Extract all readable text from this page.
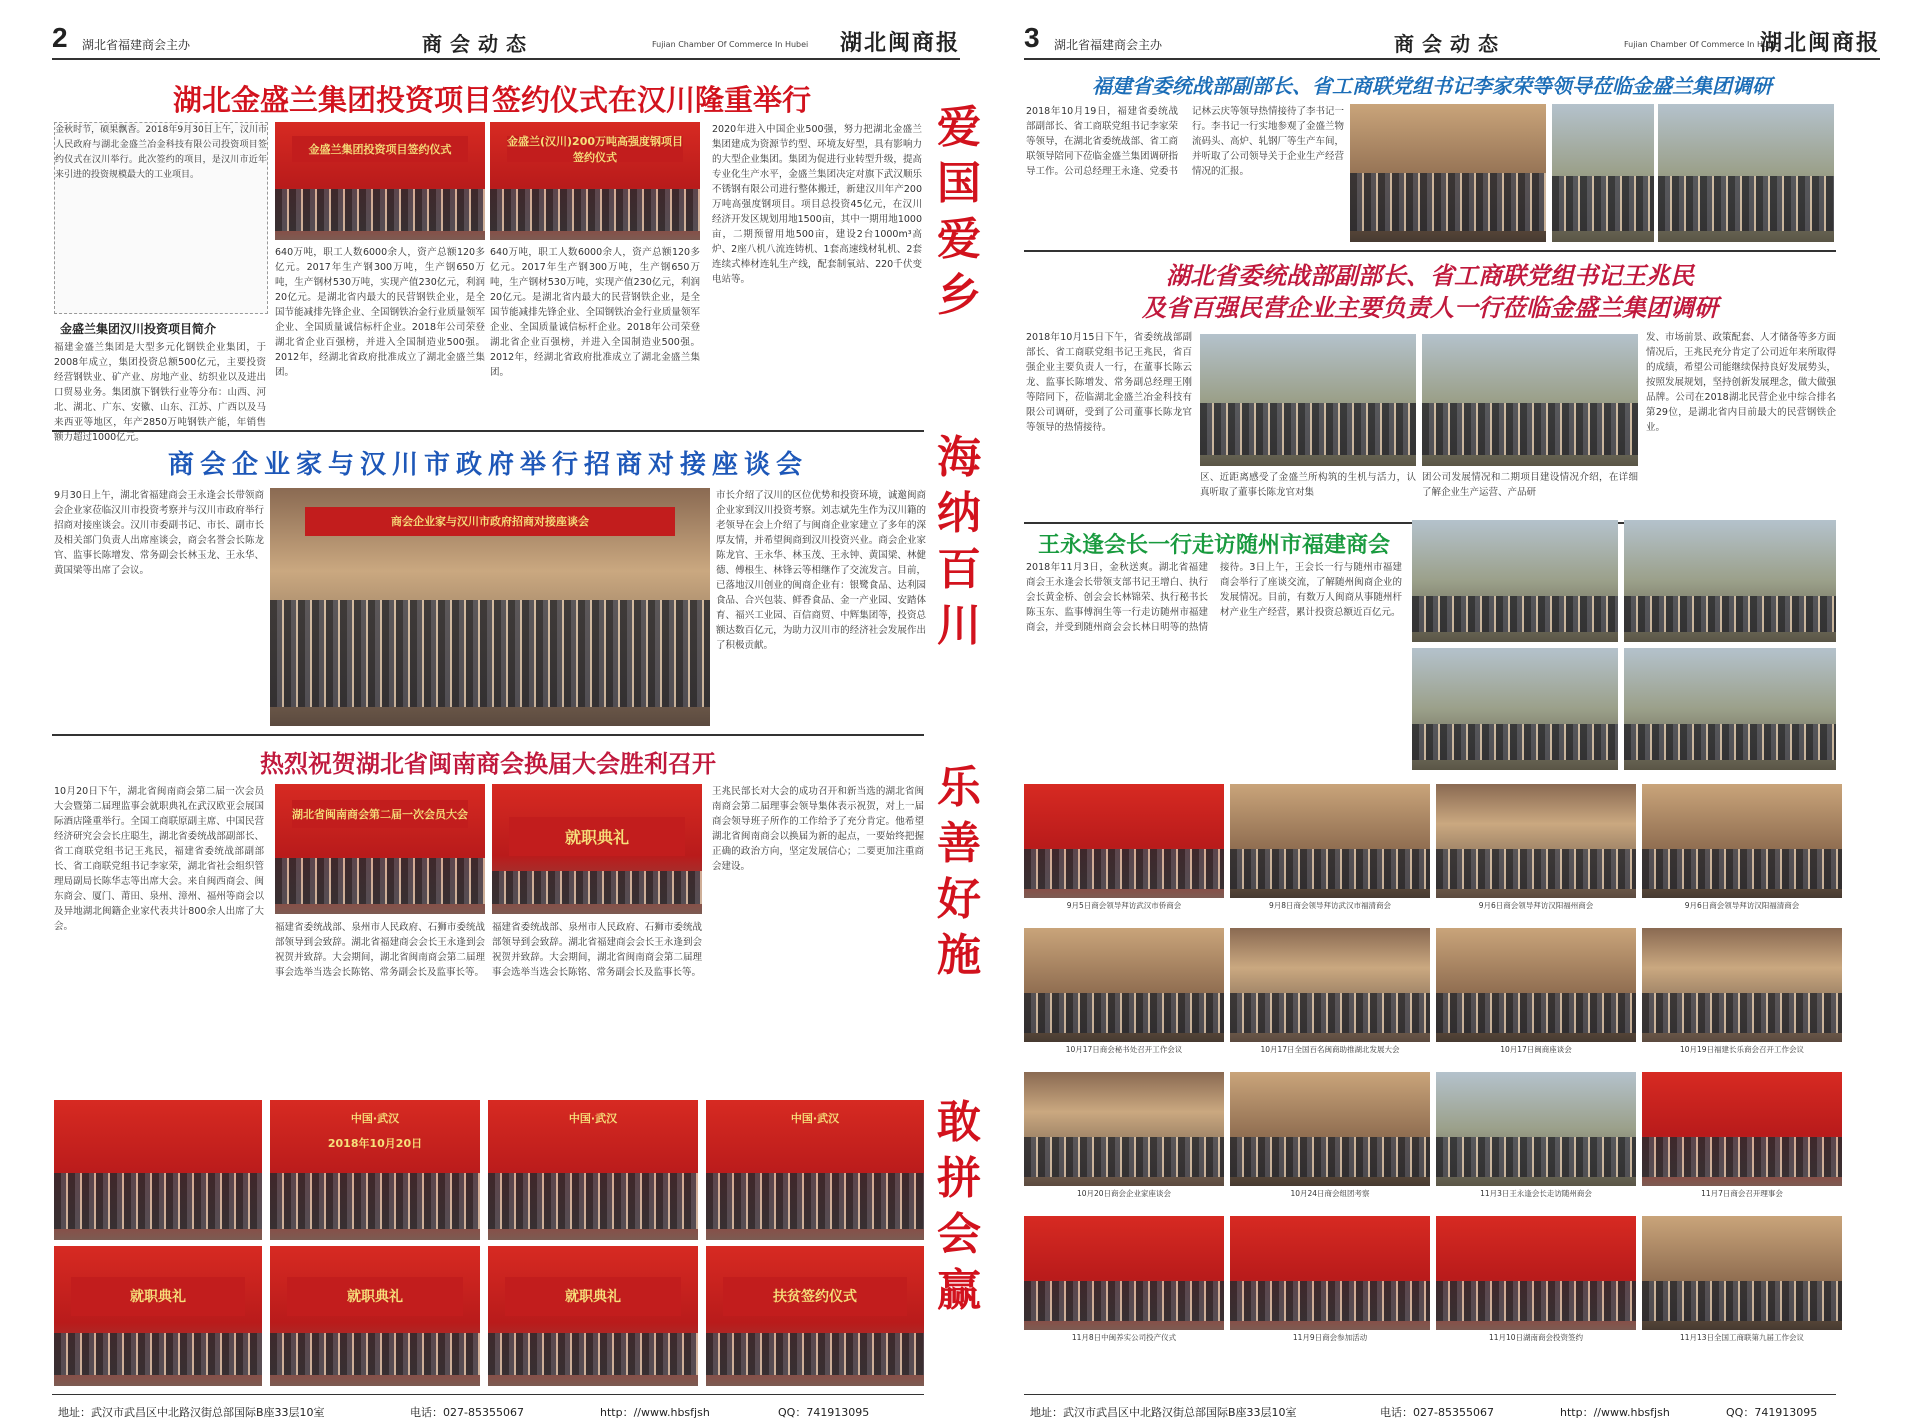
2 湖北省福建商会主办	商会动态	Fujian Chamber Of Commerce In Hubei 湖北闽商报
湖北金盛兰集团投资项目签约仪式在汉川隆重举行
金秋时节，硕果飘香。2018年9月30日上午，汉川市人民政府与湖北金盛兰冶金科技有限公司投资项目签约仪式在汉川举行。此次签约的项目，是汉川市近年来引进的投资规模最大的工业项目。
金盛兰集团汉川投资项目简介
福建金盛兰集团是大型多元化钢铁企业集团，于2008年成立，集团投资总额500亿元，主要投资经营钢铁业、矿产业、房地产业、纺织业以及进出口贸易业务。集团旗下钢铁行业等分布：山西、河北、湖北、广东、安徽、山东、江苏、广西以及马来西亚等地区，年产2850万吨钢铁产能，年销售额力超过1000亿元。
金盛兰集团投资项目签约仪式
金盛兰(汉川)200万吨高强度钢项目签约仪式
640万吨，职工人数6000余人，资产总额120多亿元。2017年生产钢300万吨，生产钢650万吨，生产钢材530万吨，实现产值230亿元，利润20亿元。是湖北省内最大的民营钢铁企业，是全国节能减排先锋企业、全国钢铁冶金行业质量领军企业、全国质量诚信标杆企业。2018年公司荣登湖北省企业百强榜，并进入全国制造业500强。2012年，经湖北省政府批准成立了湖北金盛兰集团。
640万吨，职工人数6000余人，资产总额120多亿元。2017年生产钢300万吨，生产钢650万吨，生产钢材530万吨，实现产值230亿元，利润20亿元。是湖北省内最大的民营钢铁企业，是全国节能减排先锋企业、全国钢铁冶金行业质量领军企业、全国质量诚信标杆企业。2018年公司荣登湖北省企业百强榜，并进入全国制造业500强。2012年，经湖北省政府批准成立了湖北金盛兰集团。
2020年进入中国企业500强，努力把湖北金盛兰集团建成为资源节约型、环境友好型，具有影响力的大型企业集团。集团为促进行业转型升级，提高专业化生产水平，金盛兰集团决定对旗下武汉顺乐不锈钢有限公司进行整体搬迁，新建汉川年产200万吨高强度钢项目。项目总投资45亿元，在汉川经济开发区规划用地1500亩，其中一期用地1000亩，二期预留用地500亩，建设2台1000m³高炉、2座八机八流连铸机、1套高速线材轧机、2套连续式棒材连轧生产线，配套制氧站、220千伏变电站等。
商会企业家与汉川市政府举行招商对接座谈会
9月30日上午，湖北省福建商会王永逢会长带领商会企业家莅临汉川市投资考察并与汉川市政府举行招商对接座谈会。汉川市委副书记、市长、副市长及相关部门负责人出席座谈会，商会名誉会长陈龙官、监事长陈增发、常务副会长林玉龙、王永华、黄国梁等出席了会议。
商会企业家与汉川市政府招商对接座谈会
市长介绍了汉川的区位优势和投资环境，诚邀闽商企业家到汉川投资考察。刘志斌先生作为汉川籍的老领导在会上介绍了与闽商企业家建立了多年的深厚友情，并希望闽商到汉川投资兴业。商会企业家陈龙官、王永华、林玉茂、王永钟、黄国梁、林健德、傅根生、林锋云等相继作了交流发言。目前，已落地汉川创业的闽商企业有：银鹭食品、达利园食品、合兴包装、鲜香食品、金一产业园、安踏体育、福兴工业园、百信商贸、中辉集团等，投资总额达数百亿元，为助力汉川市的经济社会发展作出了积极贡献。
热烈祝贺湖北省闽南商会换届大会胜利召开
10月20日下午，湖北省闽南商会第二届一次会员大会暨第二届理监事会就职典礼在武汉欧亚会展国际酒店隆重举行。全国工商联原副主席、中国民营经济研究会会长庄聪生，湖北省委统战部副部长、省工商联党组书记王兆民，福建省委统战部副部长、省工商联党组书记李家荣，湖北省社会组织管理局副局长陈华志等出席大会。来自闽西商会、闽东商会、厦门、莆田、泉州、漳州、福州等商会以及异地湖北闽籍企业家代表共计800余人出席了大会。
湖北省闽南商会第二届一次会员大会
就职典礼
福建省委统战部、泉州市人民政府、石狮市委统战部领导到会致辞。湖北省福建商会会长王永逢到会祝贺并致辞。大会期间，湖北省闽南商会第二届理事会选举当选会长陈铭、常务副会长及监事长等。
福建省委统战部、泉州市人民政府、石狮市委统战部领导到会致辞。湖北省福建商会会长王永逢到会祝贺并致辞。大会期间，湖北省闽南商会第二届理事会选举当选会长陈铭、常务副会长及监事长等。
王兆民部长对大会的成功召开和新当选的湖北省闽南商会第二届理事会领导集体表示祝贺，对上一届商会领导班子所作的工作给予了充分肯定。他希望湖北省闽南商会以换届为新的起点，一要始终把握正确的政治方向，坚定发展信心；二要更加注重商会建设。
中国·武汉
2018年10月20日
中国·武汉	中国·武汉
就职典礼	就职典礼	就职典礼	扶贫签约仪式
地址：武汉市武昌区中北路汉街总部国际B座33层10室	电话：027-85355067	http：//www.hbsfjsh	QQ：741913095
爱国爱乡
海纳百川
乐善好施
敢拼会赢
3 湖北省福建商会主办	商会动态	Fujian Chamber Of Commerce In Hubei
湖北闽商报
福建省委统战部副部长、省工商联党组书记李家荣等领导莅临金盛兰集团调研
2018年10月19日，福建省委统战部副部长、省工商联党组书记李家荣等领导，在湖北省委统战部、省工商联领导陪同下莅临金盛兰集团调研指导工作。公司总经理王永逢、党委书记林云庆等领导热情接待了李书记一行。李书记一行实地参观了金盛兰物流码头、高炉、轧钢厂等生产车间，并听取了公司领导关于企业生产经营情况的汇报。
湖北省委统战部副部长、省工商联党组书记王兆民
及省百强民营企业主要负责人一行莅临金盛兰集团调研
2018年10月15日下午，省委统战部副部长、省工商联党组书记王兆民，省百强企业主要负责人一行，在董事长陈云龙、监事长陈增发、常务副总经理王刚等陪同下，莅临湖北金盛兰冶金科技有限公司调研，受到了公司董事长陈龙官等领导的热情接待。
区、近距离感受了金盛兰所构筑的生机与活力，认真听取了董事长陈龙官对集
团公司发展情况和二期项目建设情况介绍，在详细了解企业生产运营、产品研
发、市场前景、政策配套、人才储备等多方面情况后，王兆民充分肯定了公司近年来所取得的成绩，希望公司能继续保持良好发展势头，按照发展规划，坚持创新发展理念，做大做强品牌。公司在2018湖北民营企业中综合排名第29位，是湖北省内目前最大的民营钢铁企业。
王永逢会长一行走访随州市福建商会
2018年11月3日，金秋送爽。湖北省福建商会王永逢会长带领支部书记王增白、执行会长黄金桥、创会会长林锦荣、执行秘书长陈玉东、监事傅润生等一行走访随州市福建商会，并受到随州商会会长林日明等的热情接待。3日上午，王会长一行与随州市福建商会举行了座谈交流，了解随州闽商企业的发展情况。目前，有数万人闽商从事随州杆材产业生产经营，累计投资总额近百亿元。
9月5日商会领导拜访武汉市侨商会	9月8日商会领导拜访武汉市福清商会	9月6日商会领导拜访汉阳福州商会	9月6日商会领导拜访汉阳福清商会
10月17日商会秘书处召开工作会议	10月17日全国百名闽商助推湖北发展大会	10月17日闽商座谈会	10月19日福建长乐商会召开工作会议
10月20日商会企业家座谈会	10月24日商会组团考察	11月3日王永逢会长走访随州商会	11月7日商会召开理事会
11月8日中闽养实公司投产仪式	11月9日商会参加活动	11月10日湖南商会投资签约	11月13日全国工商联第九届工作会议
地址：武汉市武昌区中北路汉街总部国际B座33层10室	电话：027-85355067	http：//www.hbsfjsh	QQ：741913095
